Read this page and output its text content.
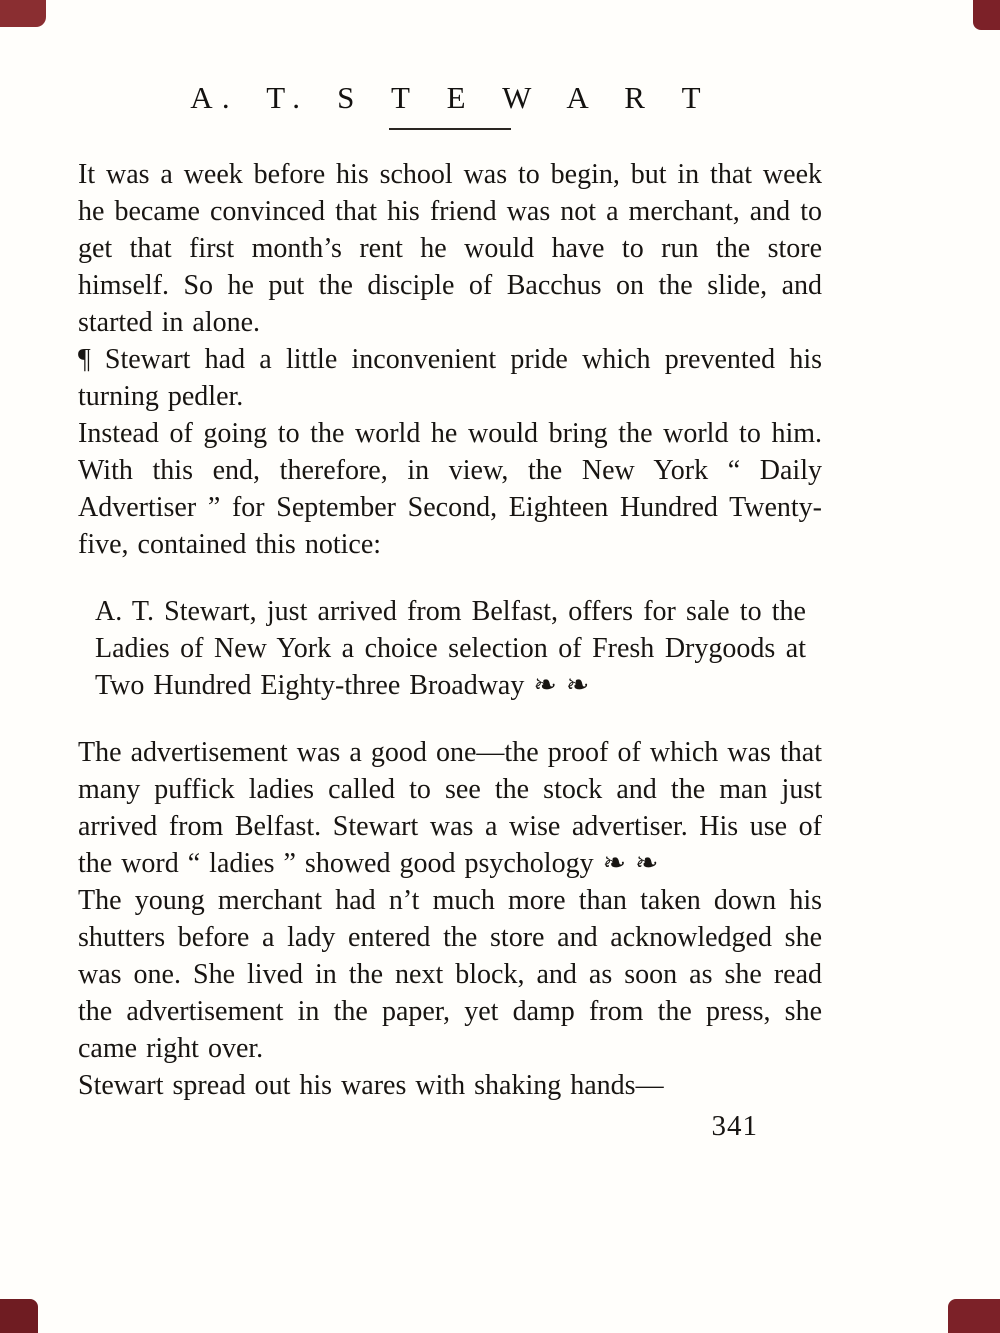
A. T. S T E W A R T

It was a week before his school was to begin, but in that week he became convinced that his friend was not a merchant, and to get that first month’s rent he would have to run the store himself. So he put the disciple of Bacchus on the slide, and started in alone.

¶ Stewart had a little inconvenient pride which prevented his turning pedler.

Instead of going to the world he would bring the world to him. With this end, therefore, in view, the New York “ Daily Advertiser ” for September Second, Eighteen Hundred Twenty-five, contained this notice:

A. T. Stewart, just arrived from Belfast, offers for sale to the Ladies of New York a choice selection of Fresh Drygoods at Two Hundred Eighty-three Broadway ❧ ❧

The advertisement was a good one—the proof of which was that many puffick ladies called to see the stock and the man just arrived from Belfast. Stewart was a wise advertiser. His use of the word “ ladies ” showed good psychology ❧ ❧

The young merchant had n’t much more than taken down his shutters before a lady entered the store and acknowledged she was one. She lived in the next block, and as soon as she read the advertisement in the paper, yet damp from the press, she came right over.

Stewart spread out his wares with shaking hands—

341
